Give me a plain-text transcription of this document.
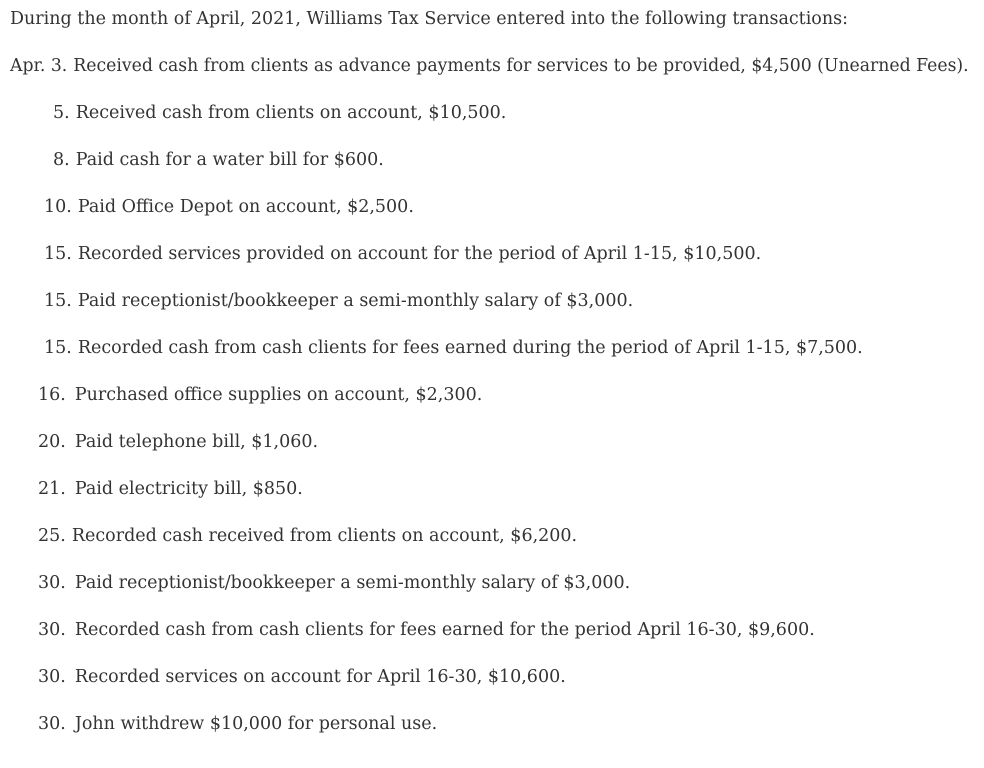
During the month of April, 2021, Williams Tax Service entered into the following transactions:
Apr. 3. Received cash from clients as advance payments for services to be provided, $4,500 (Unearned Fees).
5. Received cash from clients on account, $10,500.
8. Paid cash for a water bill for $600.
10. Paid Office Depot on account, $2,500.
15. Recorded services provided on account for the period of April 1-15, $10,500.
15. Paid receptionist/bookkeeper a semi-monthly salary of $3,000.
15. Recorded cash from cash clients for fees earned during the period of April 1-15, $7,500.
16. Purchased office supplies on account, $2,300.
20. Paid telephone bill, $1,060.
21. Paid electricity bill, $850.
25. Recorded cash received from clients on account, $6,200.
30. Paid receptionist/bookkeeper a semi-monthly salary of $3,000.
30. Recorded cash from cash clients for fees earned for the period April 16-30, $9,600.
30. Recorded services on account for April 16-30, $10,600.
30. John withdrew $10,000 for personal use.
